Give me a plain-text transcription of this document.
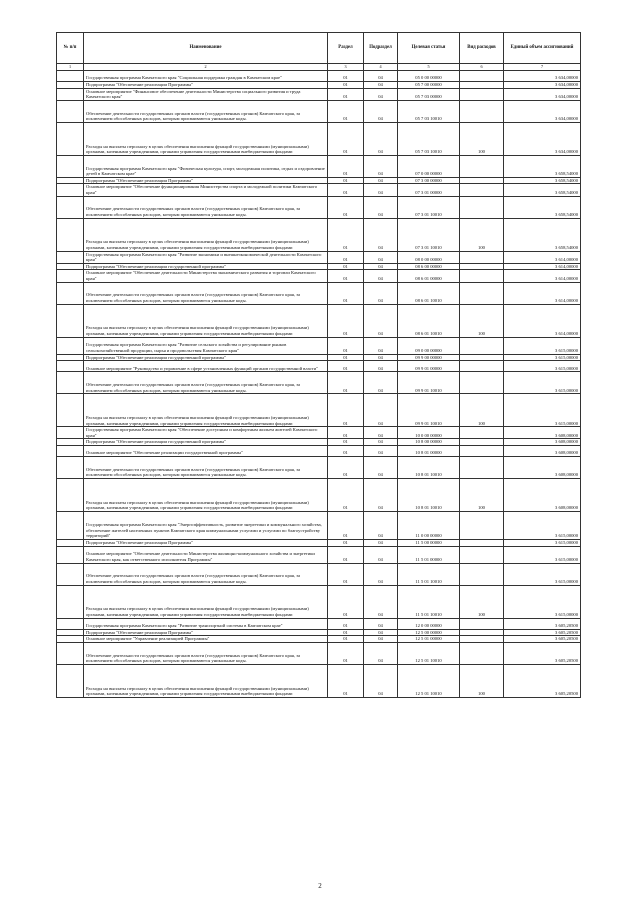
№ п/п	Наименование	Раздел	Подраздел	Целевая статья	Вид расходов	Единый объем ассигнований
1	2	3	4	5	6	7
	Государственная программа Камчатского края "Социальная поддержка граждан в Камчатском крае"	01	04	05 0 00 00000		3 634,00000
	Подпрограмма "Обеспечение реализации Программы"	01	04	05 7 00 00000		3 634,00000
	Основное мероприятие "Финансовое обеспечение деятельности Министерства социального развития и труда Камчатского края"	01	04	05 7 03 00000		3 634,00000
	Обеспечение деятельности государственных органов власти (государственных органов) Камчатского края, за исключением обособленных расходов, которым присваиваются уникальные коды.	01	04	05 7 03 10010		3 634,00000
	Расходы на выплаты персоналу в целях обеспечения выполнения функций государственными (муниципальными) органами, казенными учреждениями, органами управления государственными внебюджетными фондами	01	04	05 7 03 10010	100	3 634,00000
	Государственная программа Камчатского края "Физическая культура, спорт, молодежная политика, отдых и оздоровление детей в Камчатском крае"	01	04	07 0 00 00000		3 658,54000
	Подпрограмма "Обеспечение реализации Программы"	01	04	07 3 00 00000		3 658,54000
	Основное мероприятие "Обеспечение функционирования Министерства спорта и молодежной политики Камчатского края"	01	04	07 3 01 00000		3 658,54000
	Обеспечение деятельности государственных органов власти (государственных органов) Камчатского края, за исключением обособленных расходов, которым присваиваются уникальные коды.	01	04	07 3 01 10010		3 658,54000
	Расходы на выплаты персоналу в целях обеспечения выполнения функций государственными (муниципальными) органами, казенными учреждениями, органами управления государственными внебюджетными фондами	01	04	07 3 01 10010	100	3 658,54000
	Государственная программа Камчатского края "Развитие экономики и внешнеэкономической деятельности Камчатского края"	01	04	08 0 00 00000		3 614,00000
	Подпрограмма "Обеспечение реализации государственной программы"	01	04	08 6 00 00000		3 614,00000
	Основное мероприятие "Обеспечение деятельности Министерства экономического развития и торговли Камчатского края"	01	04	08 6 01 00000		3 614,00000
	Обеспечение деятельности государственных органов власти (государственных органов) Камчатского края, за исключением обособленных расходов, которым присваиваются уникальные коды.	01	04	08 6 01 10010		3 614,00000
	Расходы на выплаты персоналу в целях обеспечения выполнения функций государственными (муниципальными) органами, казенными учреждениями, органами управления государственными внебюджетными фондами	01	04	08 6 01 10010	100	3 614,00000
	Государственная программа Камчатского края "Развитие сельского хозяйства и регулирование рынков сельскохозяйственной продукции, сырья и продовольствия Камчатского края"	01	04	09 0 00 00000		3 615,00000
	Подпрограмма "Обеспечение реализации государственной программы"	01	04	09 9 00 00000		3 615,00000
	Основное мероприятие "Руководство и управление в сфере установленных функций органов государственной власти"	01	04	09 9 01 00000		3 615,00000
	Обеспечение деятельности государственных органов власти (государственных органов) Камчатского края, за исключением обособленных расходов, которым присваиваются уникальные коды.	01	04	09 9 01 10010		3 615,00000
	Расходы на выплаты персоналу в целях обеспечения выполнения функций государственными (муниципальными) органами, казенными учреждениями, органами управления государственными внебюджетными фондами	01	04	09 9 01 10010	100	3 615,00000
	Государственная программа Камчатского края "Обеспечение доступным и комфортным жильем жителей Камчатского края"	01	04	10 0 00 00000		3 608,00000
	Подпрограмма "Обеспечение реализации государственной программы"	01	04	10 8 00 00000		3 608,00000
	Основное мероприятие "Обеспечение реализации государственной программы"	01	04	10 8 01 00000		3 608,00000
	Обеспечение деятельности государственных органов власти (государственных органов) Камчатского края, за исключением обособленных расходов, которым присваиваются уникальные коды.	01	04	10 8 01 10010		3 608,00000
	Расходы на выплаты персоналу в целях обеспечения выполнения функций государственными (муниципальными) органами, казенными учреждениями, органами управления государственными внебюджетными фондами	01	04	10 8 01 10010	100	3 608,00000
	Государственная программа Камчатского края "Энергоэффективность, развитие энергетики и коммунального хозяйства, обеспечение жителей населенных пунктов Камчатского края коммунальными услугами и услугами по благоустройству территорий"	01	04	11 0 00 00000		3 615,00000
	Подпрограмма "Обеспечение реализации Программы"	01	04	11 5 00 00000		3 615,00000
	Основное мероприятие "Обеспечение деятельности Министерства жилищно-коммунального хозяйства и энергетики Камчатского края, как ответственного исполнителя Программы"	01	04	11 5 01 00000		3 615,00000
	Обеспечение деятельности государственных органов власти (государственных органов) Камчатского края, за исключением обособленных расходов, которым присваиваются уникальные коды.	01	04	11 5 01 10010		3 615,00000
	Расходы на выплаты персоналу в целях обеспечения выполнения функций государственными (муниципальными) органами, казенными учреждениями, органами управления государственными внебюджетными фондами	01	04	11 5 01 10010	100	3 615,00000
	Государственная программа Камчатского края "Развитие транспортной системы в Камчатском крае"	01	04	12 0 00 00000		3 605,20500
	Подпрограмма "Обеспечение реализации Программы"	01	04	12 5 00 00000		3 605,20500
	Основное мероприятие "Управление реализацией Программы"	01	04	12 5 01 00000		3 605,20500
	Обеспечение деятельности государственных органов власти (государственных органов) Камчатского края, за исключением обособленных расходов, которым присваиваются уникальные коды.	01	04	12 5 01 10010		3 605,20500
	Расходы на выплаты персоналу в целях обеспечения выполнения функций государственными (муниципальными) органами, казенными учреждениями, органами управления государственными внебюджетными фондами	01	04	12 5 01 10010	100	3 605,20500
2
